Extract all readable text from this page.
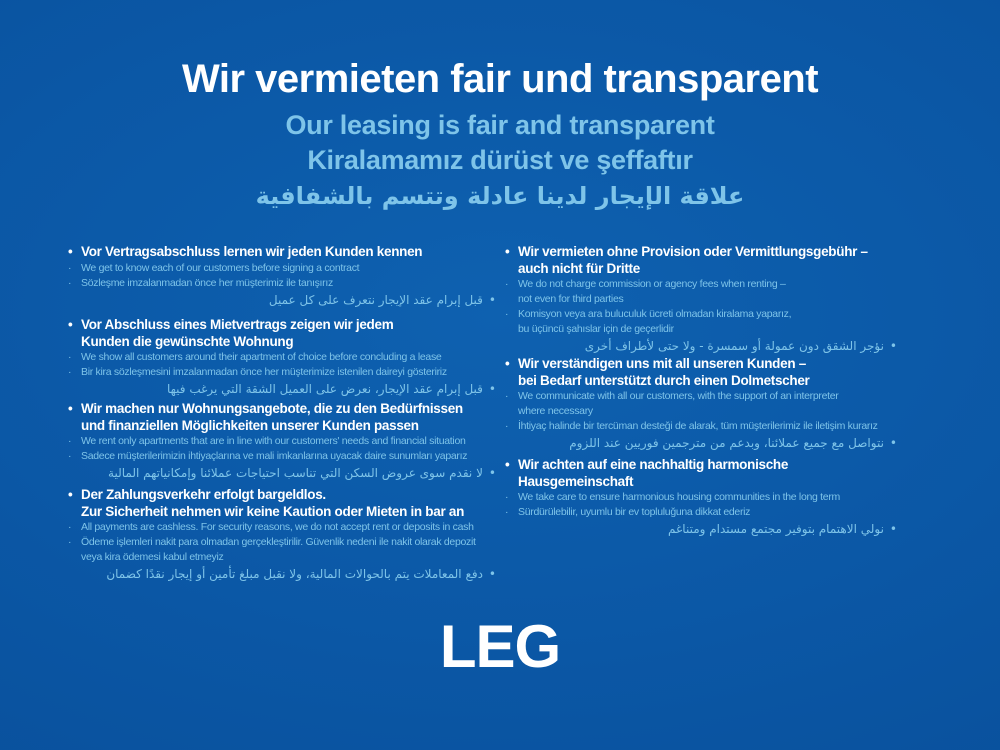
Wir vermieten fair und transparent
Our leasing is fair and transparent
Kiralamamız dürüst ve şeffaftır
علاقة الإيجار لدينا عادلة وتتسم بالشفافية
• Vor Vertragsabschluss lernen wir jeden Kunden kennen
· We get to know each of our customers before signing a contract
· Sözleşme imzalanmadan önce her müşterimiz ile tanışırız
•قبل إبرام عقد الإيجار نتعرف على كل عميل
• Vor Abschluss eines Mietvertrags zeigen wir jedem
Kunden die gewünschte Wohnung
· We show all customers around their apartment of choice before concluding a lease
· Bir kira sözleşmesini imzalanmadan önce her müşterimize istenilen daireyi gösteririz
•قبل إبرام عقد الإيجار، نعرض على العميل الشقة التي يرغب فيها
• Wir machen nur Wohnungsangebote, die zu den Bedürfnissen
und finanziellen Möglichkeiten unserer Kunden passen
· We rent only apartments that are in line with our customers' needs and financial situation
· Sadece müşterilerimizin ihtiyaçlarına ve mali imkanlarına uyacak daire sunumları yaparız
•لا نقدم سوى عروض السكن التي تناسب احتياجات عملائنا وإمكانياتهم المالية
• Der Zahlungsverkehr erfolgt bargeldlos.
Zur Sicherheit nehmen wir keine Kaution oder Mieten in bar an
· All payments are cashless. For security reasons, we do not accept rent or deposits in cash
· Ödeme işlemleri nakit para olmadan gerçekleştirilir. Güvenlik nedeni ile nakit olarak depozit
veya kira ödemesi kabul etmeyiz
•دفع المعاملات يتم بالحوالات المالية، ولا نقبل مبلغ تأمين أو إيجار نقدًا كضمان
• Wir vermieten ohne Provision oder Vermittlungsgebühr –
auch nicht für Dritte
· We do not charge commission or agency fees when renting –
not even for third parties
· Komisyon veya ara buluculuk ücreti olmadan kiralama yaparız,
bu üçüncü şahıslar için de geçerlidir
•نؤجر الشقق دون عمولة أو سمسرة - ولا حتى لأطراف أخرى
• Wir verständigen uns mit all unseren Kunden –
bei Bedarf unterstützt durch einen Dolmetscher
· We communicate with all our customers, with the support of an interpreter
where necessary
· İhtiyaç halinde bir tercüman desteği de alarak, tüm müşterilerimiz ile iletişim kurarız
•نتواصل مع جميع عملائنا، وبدعم من مترجمين فوريين عند اللزوم
• Wir achten auf eine nachhaltig harmonische
Hausgemeinschaft
· We take care to ensure harmonious housing communities in the long term
· Sürdürülebilir, uyumlu bir ev topluluğuna dikkat ederiz
•نولي الاهتمام بتوفير مجتمع مستدام ومتناغم
LEG
